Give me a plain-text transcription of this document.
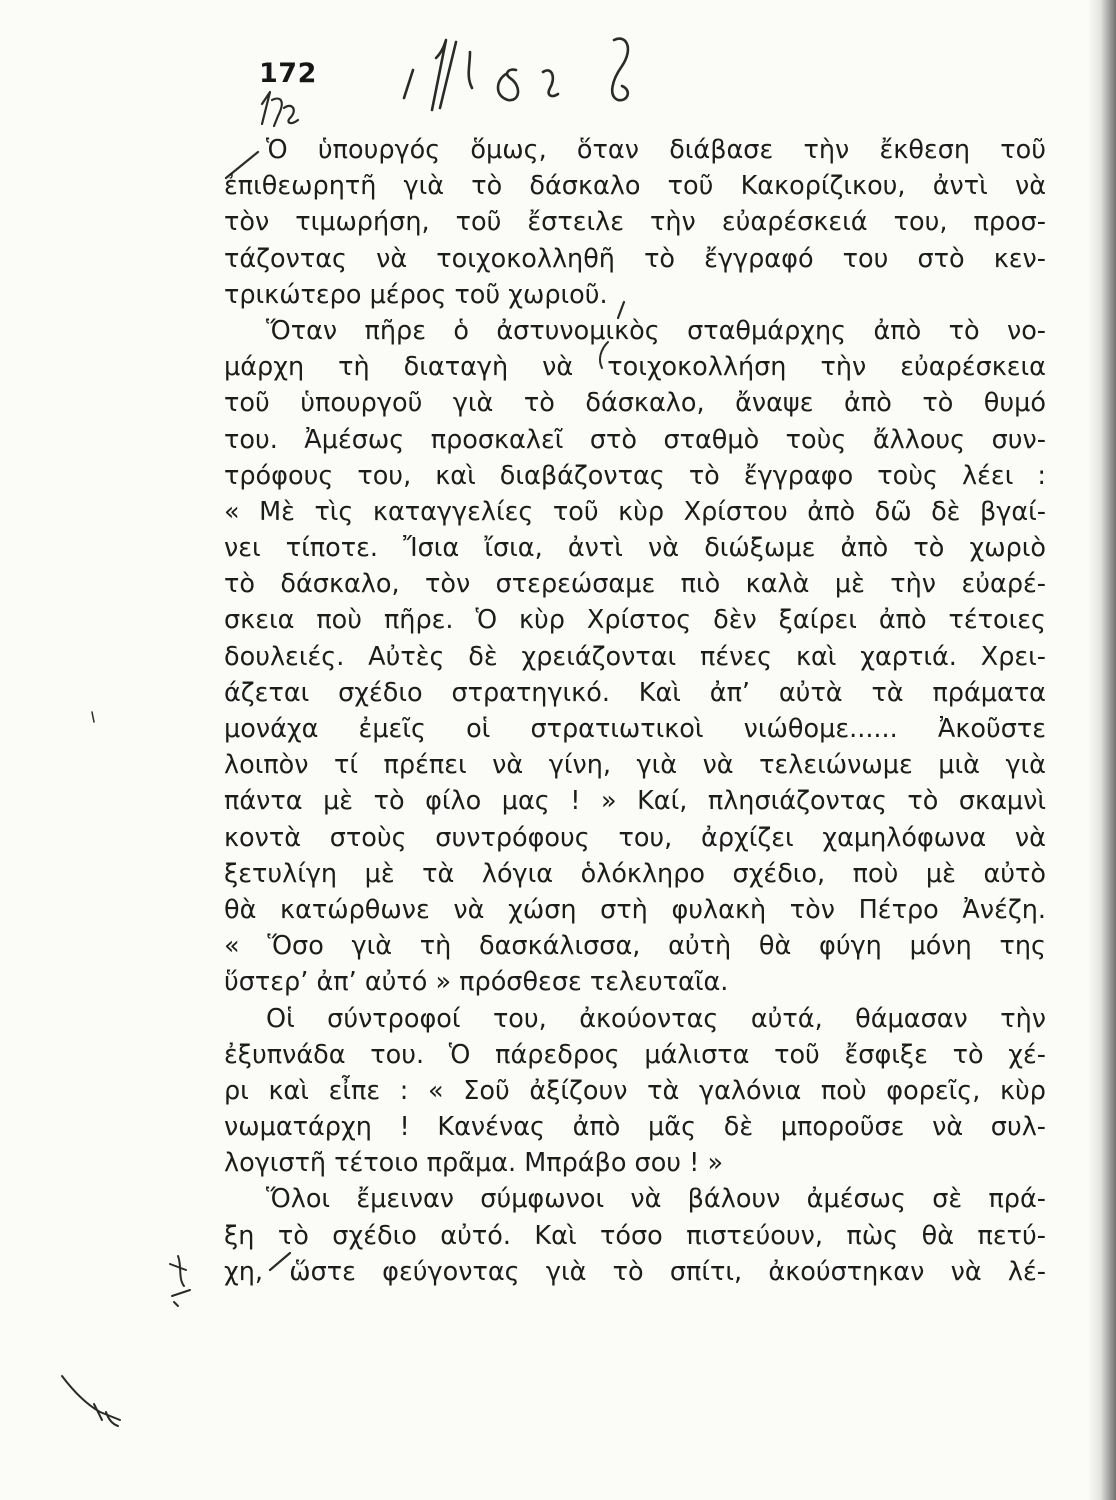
172
Ὁ ὑπουργός ὅμως, ὅταν διάβασε τὴν ἔκθεση τοῦ
ἐπιθεωρητῆ γιὰ τὸ δάσκαλο τοῦ Κακορίζικου, ἀντὶ νὰ
τὸν τιμωρήση, τοῦ ἔστειλε τὴν εὐαρέσκειά του, προσ-
τάζοντας νὰ τοιχοκολληθῆ τὸ ἔγγραφό του στὸ κεν-
τρικώτερο μέρος τοῦ χωριοῦ.
Ὅταν πῆρε ὁ ἀστυνομικὸς σταθμάρχης ἀπὸ τὸ νο-
μάρχη τὴ διαταγὴ νὰ τοιχοκολλήση τὴν εὐαρέσκεια
τοῦ ὑπουργοῦ γιὰ τὸ δάσκαλο, ἄναψε ἀπὸ τὸ θυμό
του. Ἀμέσως προσκαλεῖ στὸ σταθμὸ τοὺς ἄλλους συν-
τρόφους του, καὶ διαβάζοντας τὸ ἔγγραφο τοὺς λέει :
« Μὲ τὶς καταγγελίες τοῦ κὺρ Χρίστου ἀπὸ δῶ δὲ βγαί-
νει τίποτε. Ἴσια ἴσια, ἀντὶ νὰ διώξωμε ἀπὸ τὸ χωριὸ
τὸ δάσκαλο, τὸν στερεώσαμε πιὸ καλὰ μὲ τὴν εὐαρέ-
σκεια ποὺ πῆρε. Ὁ κὺρ Χρίστος δὲν ξαίρει ἀπὸ τέτοιες
δουλειές. Αὐτὲς δὲ χρειάζονται πένες καὶ χαρτιά. Χρει-
άζεται σχέδιο στρατηγικό. Καὶ ἀπ’ αὐτὰ τὰ πράματα
μονάχα ἐμεῖς οἱ στρατιωτικοὶ νιώθομε...... Ἀκοῦστε
λοιπὸν τί πρέπει νὰ γίνη, γιὰ νὰ τελειώνωμε μιὰ γιὰ
πάντα μὲ τὸ φίλο μας ! » Καί, πλησιάζοντας τὸ σκαμνὶ
κοντὰ στοὺς συντρόφους του, ἀρχίζει χαμηλόφωνα νὰ
ξετυλίγη μὲ τὰ λόγια ὁλόκληρο σχέδιο, ποὺ μὲ αὐτὸ
θὰ κατώρθωνε νὰ χώση στὴ φυλακὴ τὸν Πέτρο Ἀνέζη.
« Ὅσο γιὰ τὴ δασκάλισσα, αὐτὴ θὰ φύγη μόνη της
ὕστερ’ ἀπ’ αὐτό » πρόσθεσε τελευταῖα.
Οἱ σύντροφοί του, ἀκούοντας αὐτά, θάμασαν τὴν
ἐξυπνάδα του. Ὁ πάρεδρος μάλιστα τοῦ ἔσφιξε τὸ χέ-
ρι καὶ εἶπε : « Σοῦ ἀξίζουν τὰ γαλόνια ποὺ φορεῖς, κὺρ
νωματάρχη ! Κανένας ἀπὸ μᾶς δὲ μποροῦσε νὰ συλ-
λογιστῆ τέτοιο πρᾶμα. Μπράβο σου ! »
Ὅλοι ἔμειναν σύμφωνοι νὰ βάλουν ἀμέσως σὲ πρά-
ξη τὸ σχέδιο αὐτό. Καὶ τόσο πιστεύουν, πὼς θὰ πετύ-
χη, ὥστε φεύγοντας γιὰ τὸ σπίτι, ἀκούστηκαν νὰ λέ-
